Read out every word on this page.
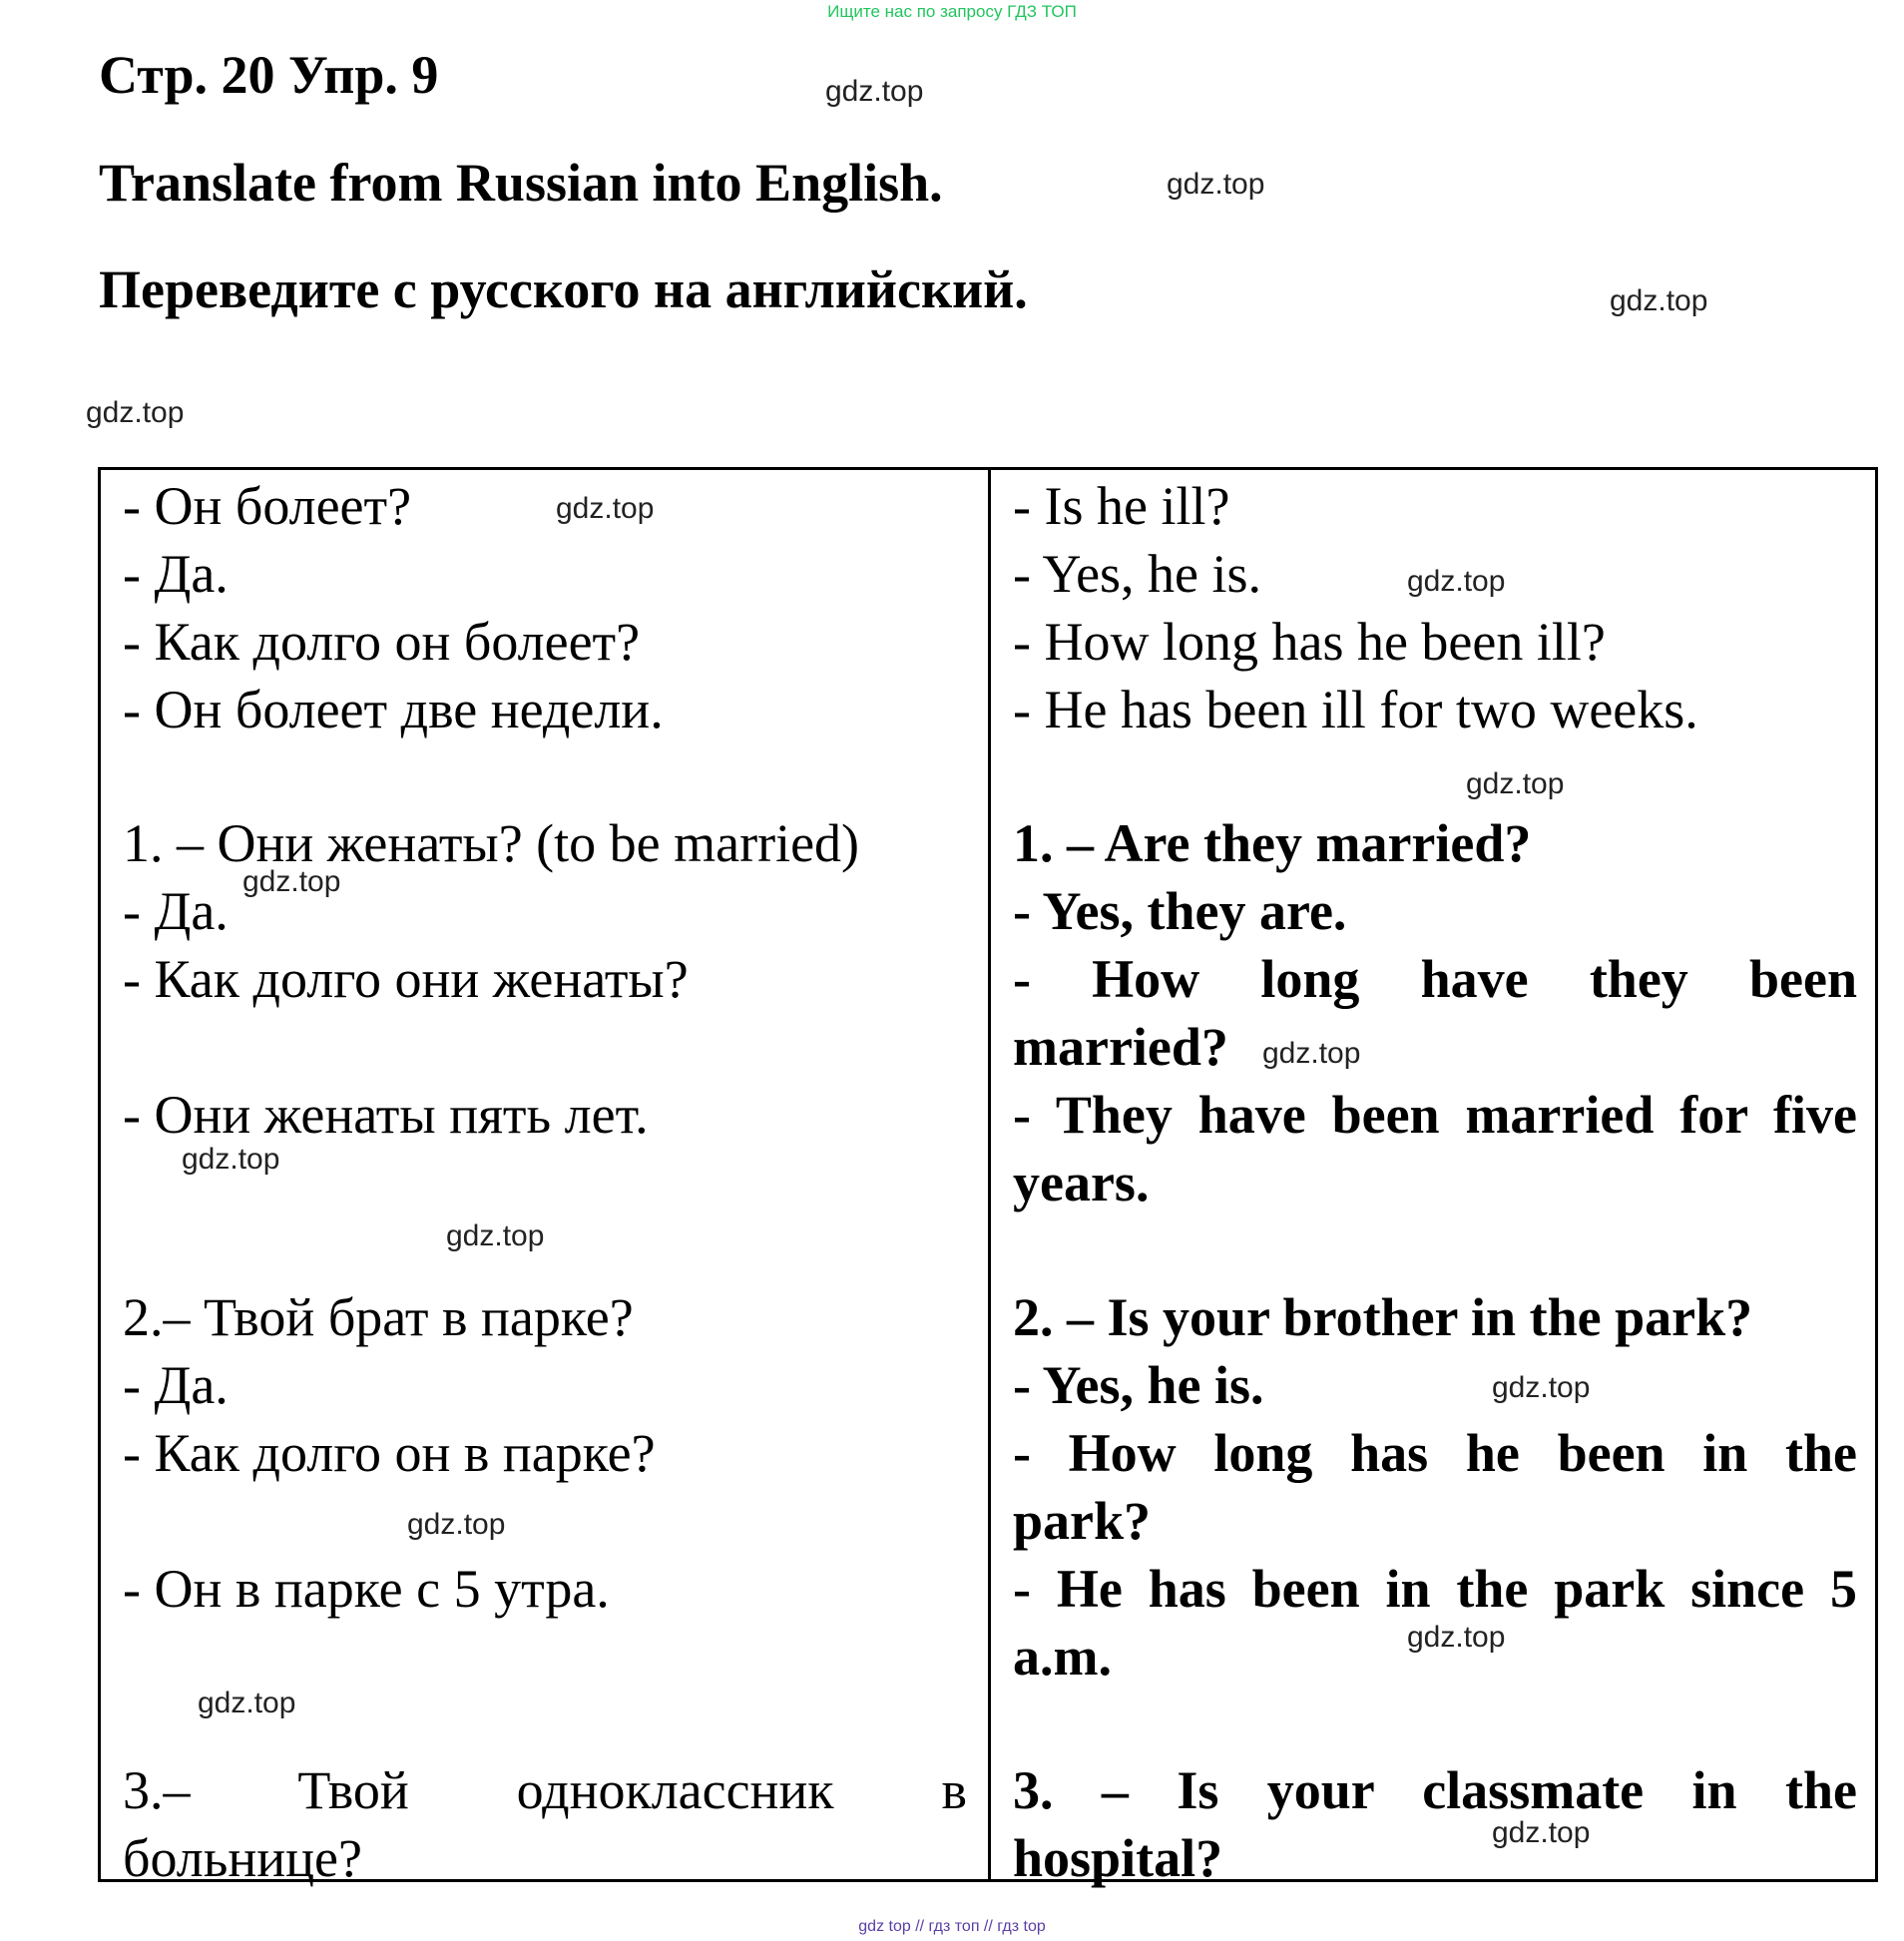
Ищите нас по запросу ГДЗ ТОП
Стр. 20 Упр. 9
Translate from Russian into English.
Переведите с русского на английский.
gdz.top
gdz.top
gdz.top
gdz.top
- Он болеет?
- Да.
- Как долго он болеет?
- Он болеет две недели.
- Is he ill?
- Yes, he is.
- How long has he been ill?
- He has been ill for two weeks.
1. – Они женаты? (to be married)
- Да.
- Как долго они женаты?
- Они женаты пять лет.
1. – Are they married?
- Yes, they are.
- How long have they been
married?
- They have been married for five
years.
2.– Твой брат в парке?
- Да.
- Как долго он в парке?
- Он в парке с 5 утра.
2. – Is your brother in the park?
- Yes, he is.
- How long has he been in the
park?
- He has been in the park since 5
a.m.
3.– Твой одноклассник в
больнице?
3. – Is your classmate in the
hospital?
gdz.top
gdz.top
gdz.top
gdz.top
gdz.top
gdz.top
gdz.top
gdz.top
gdz.top
gdz.top
gdz.top
gdz.top
gdz top // гдз топ // гдз top
